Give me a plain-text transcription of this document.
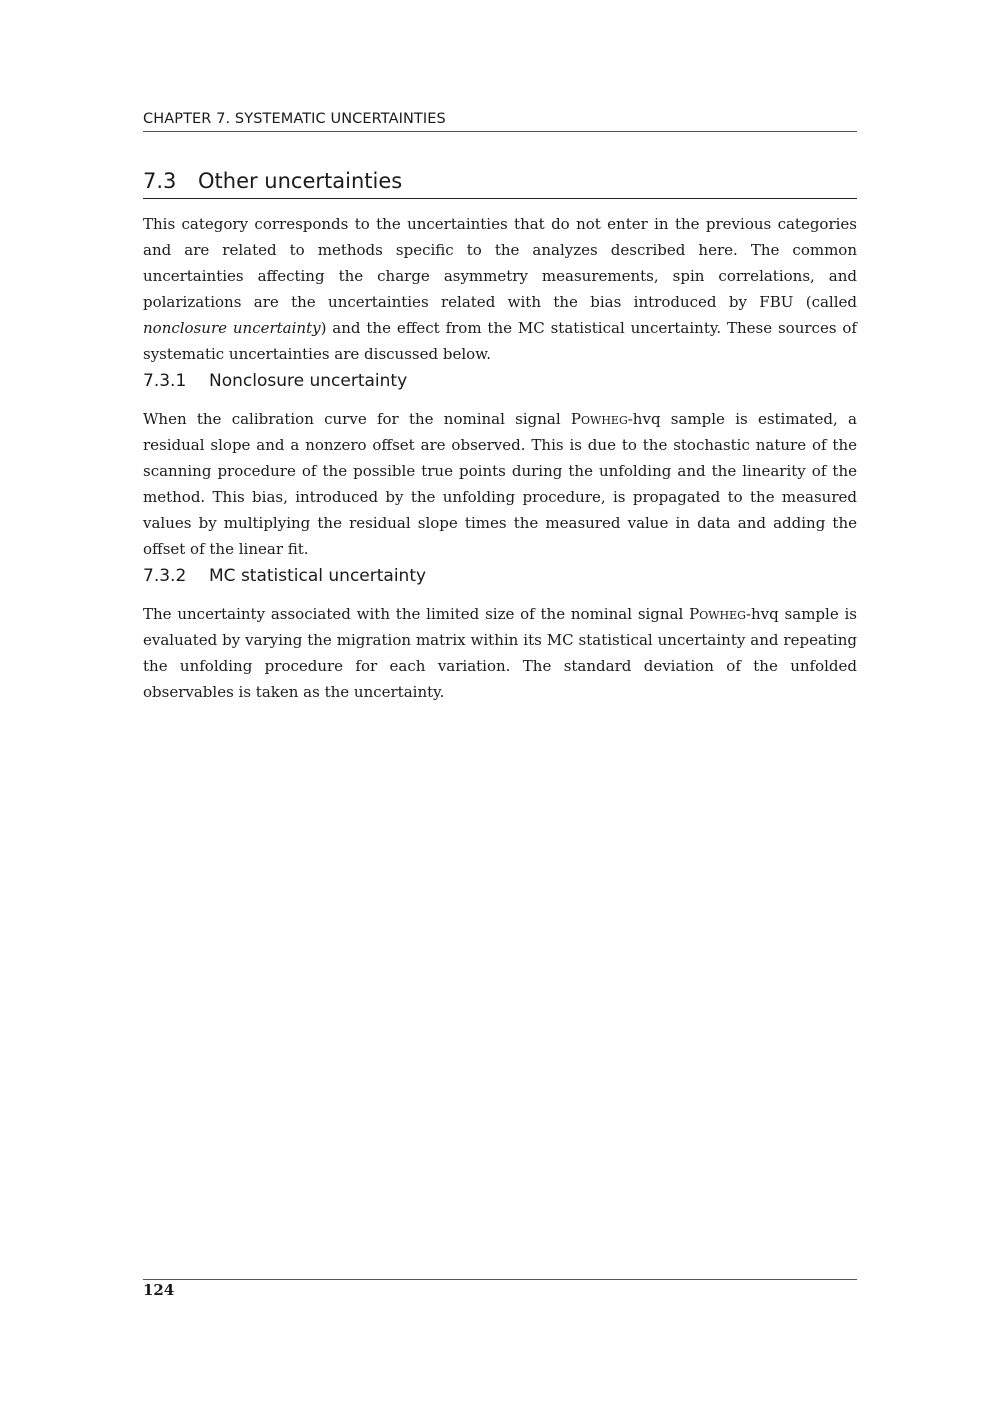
CHAPTER 7. SYSTEMATIC UNCERTAINTIES
7.3 Other uncertainties

This category corresponds to the uncertainties that do not enter in the previous categories and are related to methods specific to the analyzes described here. The common uncertainties affecting the charge asymmetry measurements, spin correlations, and polarizations are the uncertainties related with the bias introduced by FBU (called nonclosure uncertainty) and the effect from the MC statistical uncertainty. These sources of systematic uncertainties are discussed below.

7.3.1 Nonclosure uncertainty

When the calibration curve for the nominal signal Powheg-hvq sample is estimated, a residual slope and a nonzero offset are observed. This is due to the stochastic nature of the scanning procedure of the possible true points during the unfolding and the linearity of the method. This bias, introduced by the unfolding procedure, is propagated to the measured values by multiplying the residual slope times the measured value in data and adding the offset of the linear fit.

7.3.2 MC statistical uncertainty

The uncertainty associated with the limited size of the nominal signal Powheg-hvq sample is evaluated by varying the migration matrix within its MC statistical uncertainty and repeating the unfolding procedure for each variation. The standard deviation of the unfolded observables is taken as the uncertainty.

124
